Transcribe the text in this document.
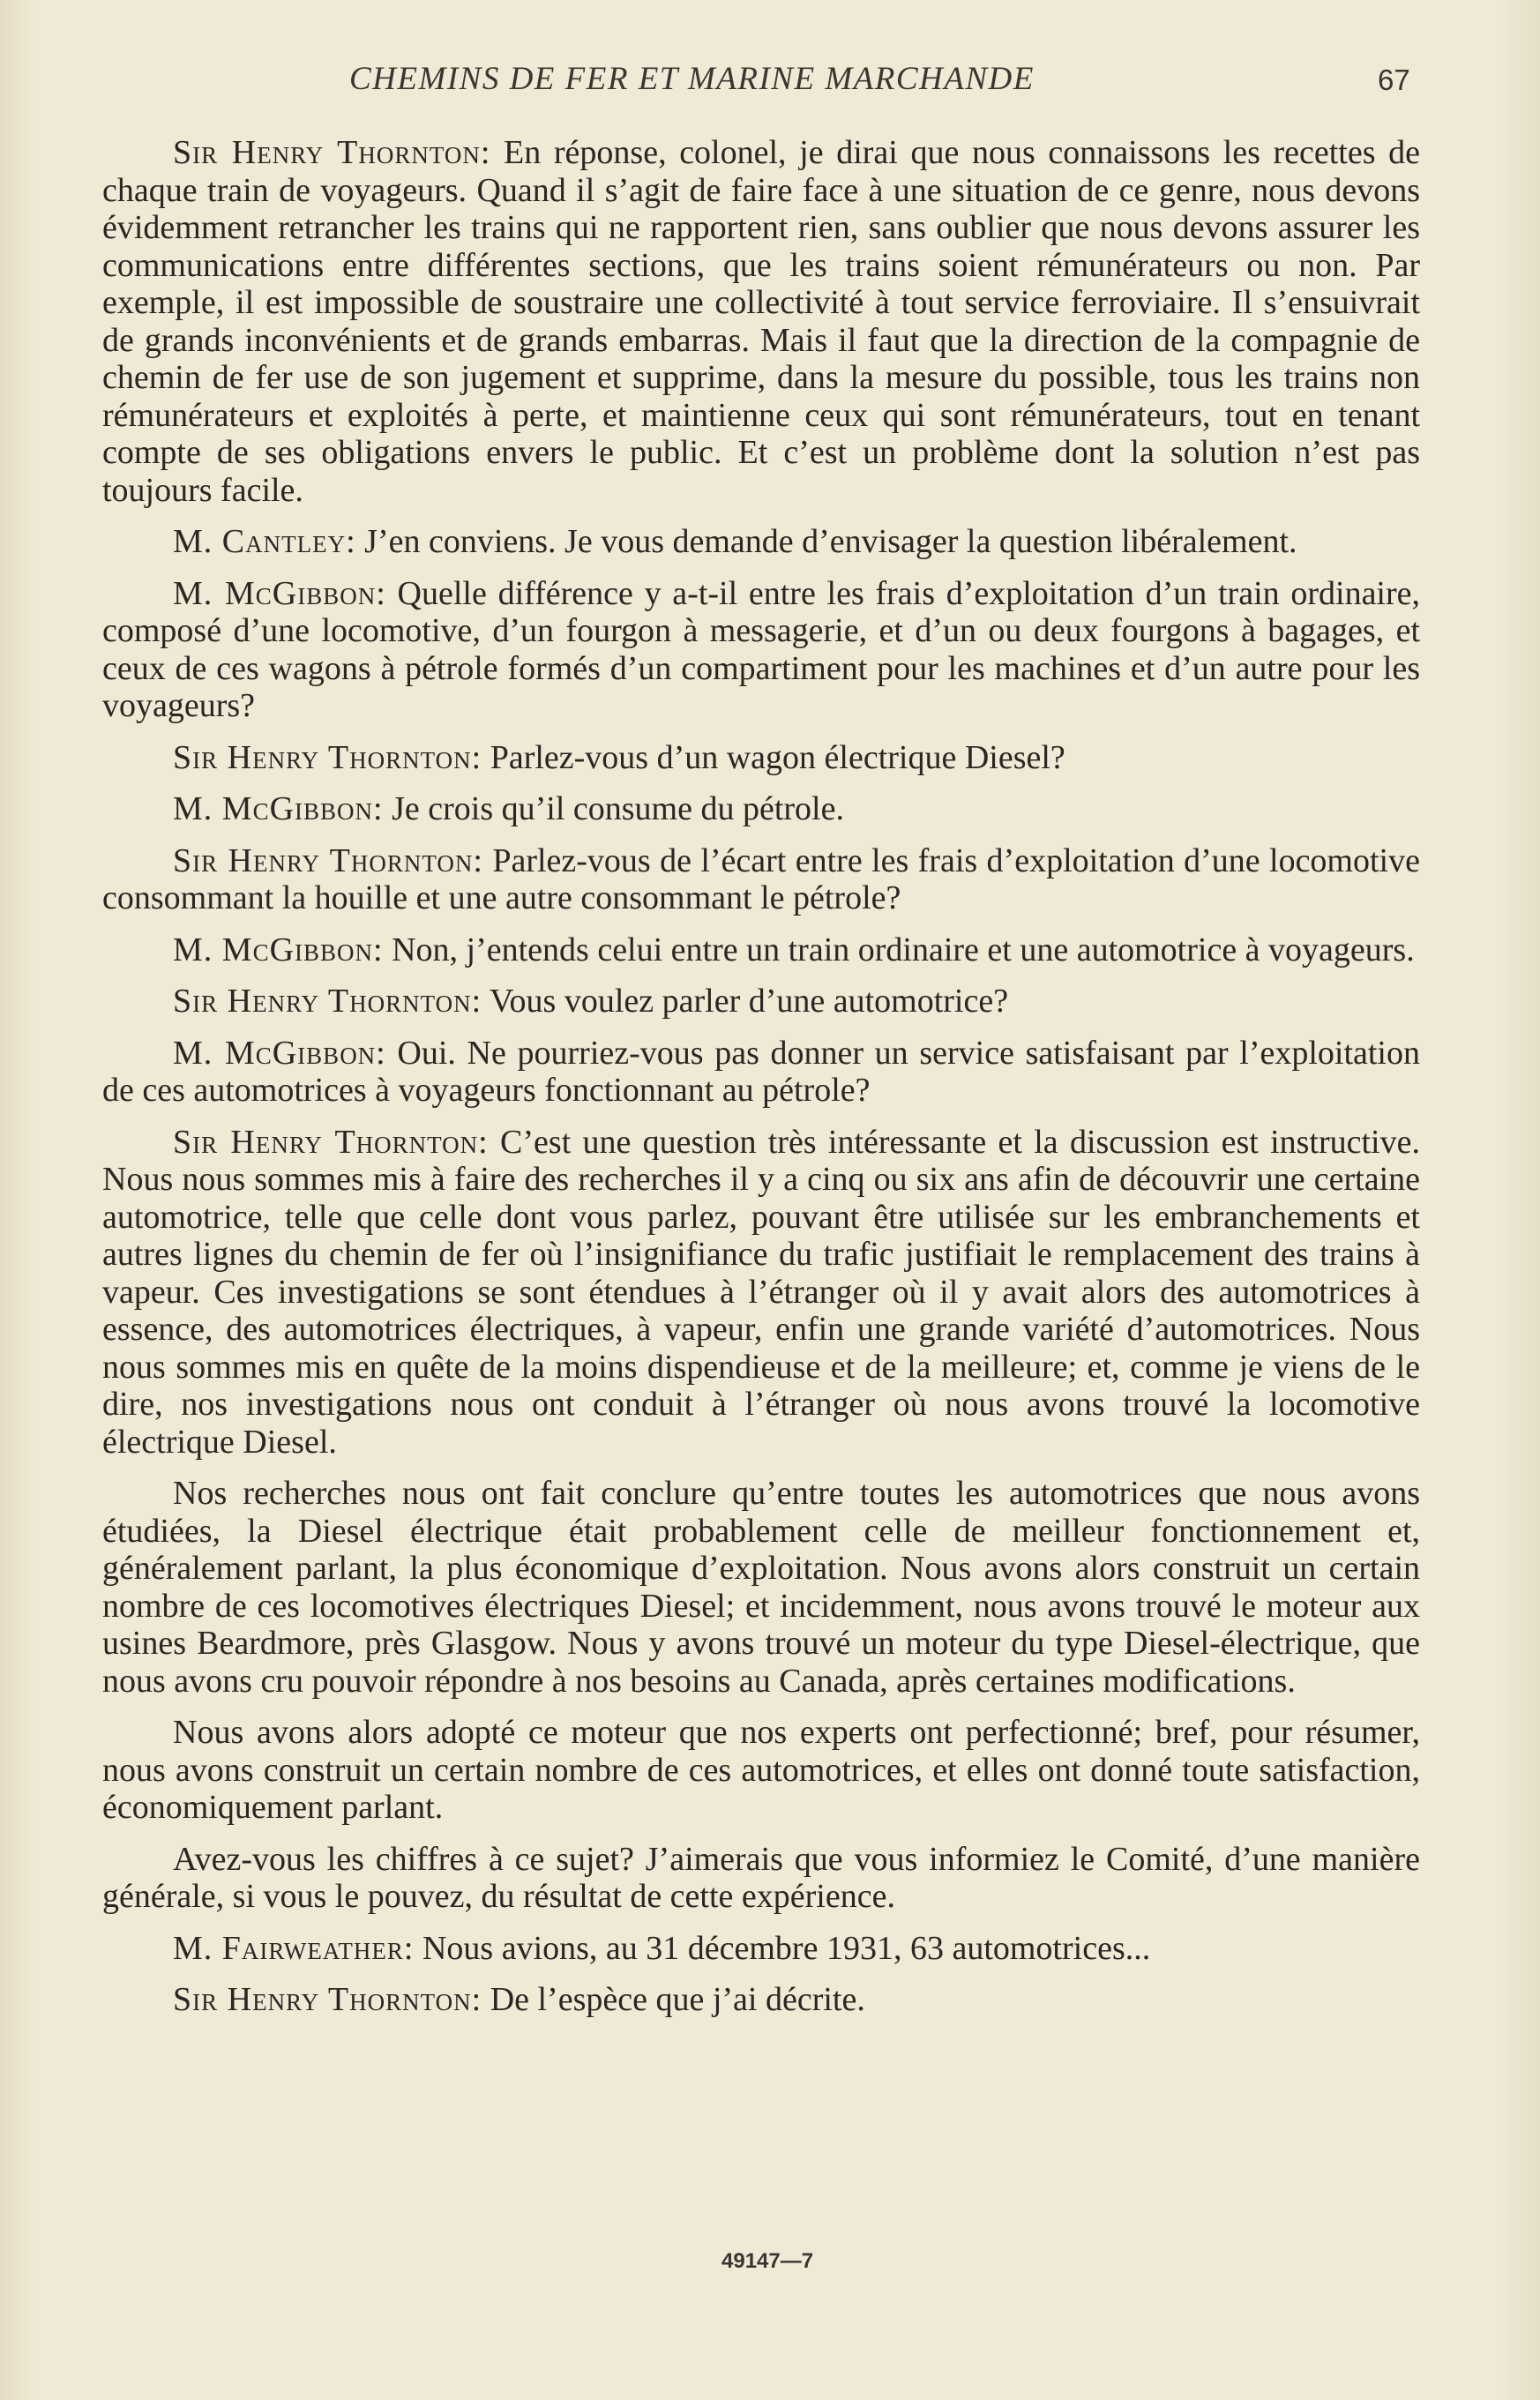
CHEMINS DE FER ET MARINE MARCHANDE	67

Sir Henry Thornton: En réponse, colonel, je dirai que nous connaissons les recettes de chaque train de voyageurs. Quand il s’agit de faire face à une situation de ce genre, nous devons évidemment retrancher les trains qui ne rapportent rien, sans oublier que nous devons assurer les communications entre différentes sections, que les trains soient rémunérateurs ou non. Par exemple, il est impossible de soustraire une collectivité à tout service ferroviaire. Il s’ensuivrait de grands inconvénients et de grands embarras. Mais il faut que la direction de la compagnie de chemin de fer use de son jugement et supprime, dans la mesure du possible, tous les trains non rémunérateurs et exploités à perte, et maintienne ceux qui sont rémunérateurs, tout en tenant compte de ses obligations envers le public. Et c’est un problème dont la solution n’est pas toujours facile.

M. Cantley: J’en conviens. Je vous demande d’envisager la question libéralement.

M. McGibbon: Quelle différence y a-t-il entre les frais d’exploitation d’un train ordinaire, composé d’une locomotive, d’un fourgon à messagerie, et d’un ou deux fourgons à bagages, et ceux de ces wagons à pétrole formés d’un compartiment pour les machines et d’un autre pour les voyageurs?

Sir Henry Thornton: Parlez-vous d’un wagon électrique Diesel?

M. McGibbon: Je crois qu’il consume du pétrole.

Sir Henry Thornton: Parlez-vous de l’écart entre les frais d’exploitation d’une locomotive consommant la houille et une autre consommant le pétrole?

M. McGibbon: Non, j’entends celui entre un train ordinaire et une automotrice à voyageurs.

Sir Henry Thornton: Vous voulez parler d’une automotrice?

M. McGibbon: Oui. Ne pourriez-vous pas donner un service satisfaisant par l’exploitation de ces automotrices à voyageurs fonctionnant au pétrole?

Sir Henry Thornton: C’est une question très intéressante et la discussion est instructive. Nous nous sommes mis à faire des recherches il y a cinq ou six ans afin de découvrir une certaine automotrice, telle que celle dont vous parlez, pouvant être utilisée sur les embranchements et autres lignes du chemin de fer où l’insignifiance du trafic justifiait le remplacement des trains à vapeur. Ces investigations se sont étendues à l’étranger où il y avait alors des automotrices à essence, des automotrices électriques, à vapeur, enfin une grande variété d’automotrices. Nous nous sommes mis en quête de la moins dispendieuse et de la meilleure; et, comme je viens de le dire, nos investigations nous ont conduit à l’étranger où nous avons trouvé la locomotive électrique Diesel.

Nos recherches nous ont fait conclure qu’entre toutes les automotrices que nous avons étudiées, la Diesel électrique était probablement celle de meilleur fonctionnement et, généralement parlant, la plus économique d’exploitation. Nous avons alors construit un certain nombre de ces locomotives électriques Diesel; et incidemment, nous avons trouvé le moteur aux usines Beardmore, près Glasgow. Nous y avons trouvé un moteur du type Diesel-électrique, que nous avons cru pouvoir répondre à nos besoins au Canada, après certaines modifications.

Nous avons alors adopté ce moteur que nos experts ont perfectionné; bref, pour résumer, nous avons construit un certain nombre de ces automotrices, et elles ont donné toute satisfaction, économiquement parlant.

Avez-vous les chiffres à ce sujet? J’aimerais que vous informiez le Comité, d’une manière générale, si vous le pouvez, du résultat de cette expérience.

M. Fairweather: Nous avions, au 31 décembre 1931, 63 automotrices...

Sir Henry Thornton: De l’espèce que j’ai décrite.

49147—7
